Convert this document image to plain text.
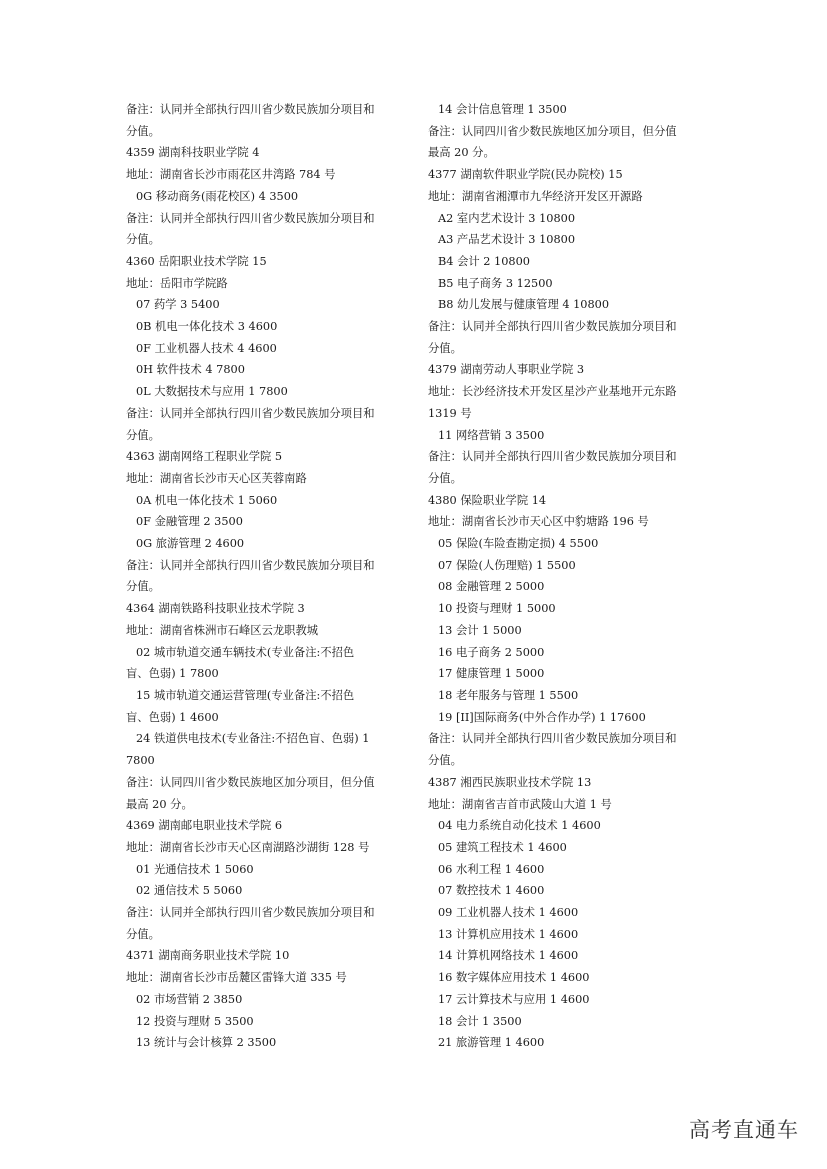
备注：认同并全部执行四川省少数民族加分项目和
分值。
4359 湖南科技职业学院 4
地址：湖南省长沙市雨花区井湾路 784 号
0G 移动商务(雨花校区) 4 3500
备注：认同并全部执行四川省少数民族加分项目和
分值。
4360 岳阳职业技术学院 15
地址：岳阳市学院路
07 药学 3 5400
0B 机电一体化技术 3 4600
0F 工业机器人技术 4 4600
0H 软件技术 4 7800
0L 大数据技术与应用 1 7800
备注：认同并全部执行四川省少数民族加分项目和
分值。
4363 湖南网络工程职业学院 5
地址：湖南省长沙市天心区芙蓉南路
0A 机电一体化技术 1 5060
0F 金融管理 2 3500
0G 旅游管理 2 4600
备注：认同并全部执行四川省少数民族加分项目和
分值。
4364 湖南铁路科技职业技术学院 3
地址：湖南省株洲市石峰区云龙职教城
02 城市轨道交通车辆技术(专业备注:不招色
盲、色弱) 1 7800
15 城市轨道交通运营管理(专业备注:不招色
盲、色弱) 1 4600
24 铁道供电技术(专业备注:不招色盲、色弱) 1
7800
备注：认同四川省少数民族地区加分项目，但分值
最高 20 分。
4369 湖南邮电职业技术学院 6
地址：湖南省长沙市天心区南湖路沙湖街 128 号
01 光通信技术 1 5060
02 通信技术 5 5060
备注：认同并全部执行四川省少数民族加分项目和
分值。
4371 湖南商务职业技术学院 10
地址：湖南省长沙市岳麓区雷锋大道 335 号
02 市场营销 2 3850
12 投资与理财 5 3500
13 统计与会计核算 2 3500
14 会计信息管理 1 3500
备注：认同四川省少数民族地区加分项目，但分值
最高 20 分。
4377 湖南软件职业学院(民办院校) 15
地址：湖南省湘潭市九华经济开发区开源路
A2 室内艺术设计 3 10800
A3 产品艺术设计 3 10800
B4 会计 2 10800
B5 电子商务 3 12500
B8 幼儿发展与健康管理 4 10800
备注：认同并全部执行四川省少数民族加分项目和
分值。
4379 湖南劳动人事职业学院 3
地址：长沙经济技术开发区星沙产业基地开元东路
1319 号
11 网络营销 3 3500
备注：认同并全部执行四川省少数民族加分项目和
分值。
4380 保险职业学院 14
地址：湖南省长沙市天心区中豹塘路 196 号
05 保险(车险查勘定损) 4 5500
07 保险(人伤理赔) 1 5500
08 金融管理 2 5000
10 投资与理财 1 5000
13 会计 1 5000
16 电子商务 2 5000
17 健康管理 1 5000
18 老年服务与管理 1 5500
19 [II]国际商务(中外合作办学) 1 17600
备注：认同并全部执行四川省少数民族加分项目和
分值。
4387 湘西民族职业技术学院 13
地址：湖南省吉首市武陵山大道 1 号
04 电力系统自动化技术 1 4600
05 建筑工程技术 1 4600
06 水利工程 1 4600
07 数控技术 1 4600
09 工业机器人技术 1 4600
13 计算机应用技术 1 4600
14 计算机网络技术 1 4600
16 数字媒体应用技术 1 4600
17 云计算技术与应用 1 4600
18 会计 1 3500
21 旅游管理 1 4600
高考直通车
